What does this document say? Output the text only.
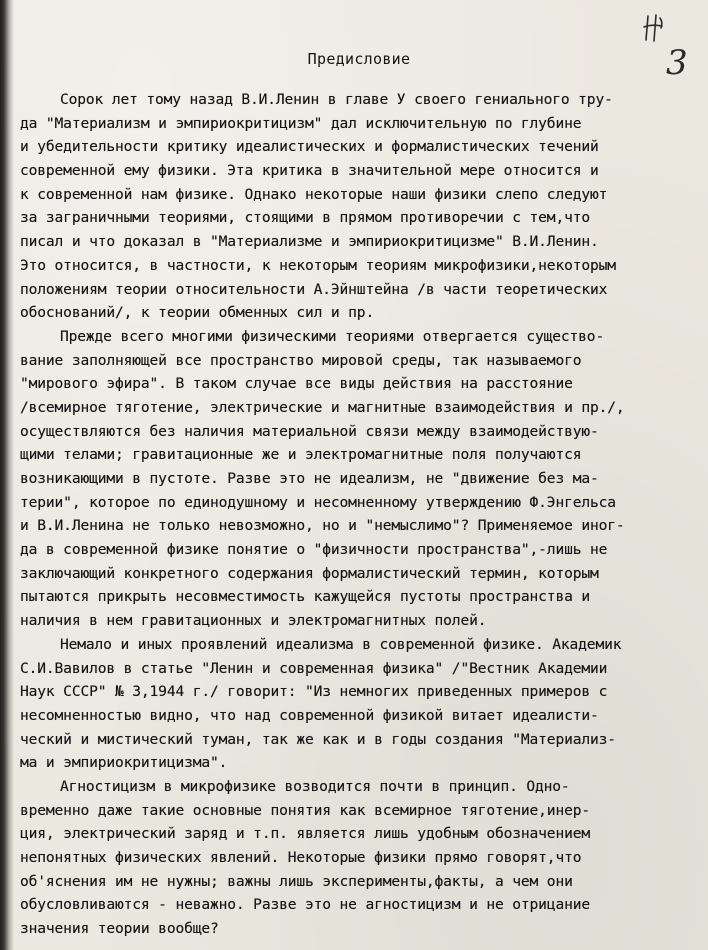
3
Предисловие
Сорок лет тому назад В.И.Ленин в главе У своего гениального тру-
да "Материализм и эмпириокритицизм" дал исключительную по глубине
и убедительности критику идеалистических и формалистических течений
современной ему физики. Эта критика в значительной мере относится и
к современной нам физике. Однако некоторые наши физики слепо следуют
за заграничными теориями, стоящими в прямом противоречии с тем,что
писал и что доказал в "Материализме и эмпириокритицизме" В.И.Ленин.
Это относится, в частности, к некоторым теориям микрофизики,некоторым
положениям теории относительности А.Эйнштейна /в части теоретических
обоснований/, к теории обменных сил и пр.
Прежде всего многими физическими теориями отвергается существо-
вание заполняющей все пространство мировой среды, так называемого
"мирового эфира". В таком случае все виды действия на расстояние
/всемирное тяготение, электрические и магнитные взаимодействия и пр./,
осуществляются без наличия материальной связи между взаимодействую-
щими телами; гравитационные же и электромагнитные поля получаются
возникающими в пустоте. Разве это не идеализм, не "движение без ма-
терии", которое по единодушному и несомненному утверждению Ф.Энгельса
и В.И.Ленина не только невозможно, но и "немыслимо"? Применяемое иног-
да в современной физике понятие о "физичности пространства",-лишь не
заключающий конкретного содержания формалистический термин, которым
пытаются прикрыть несовместимость кажущейся пустоты пространства и
наличия в нем гравитационных и электромагнитных полей.
Немало и иных проявлений идеализма в современной физике. Академик
С.И.Вавилов в статье "Ленин и современная физика" /"Вестник Академии
Наук СССР" № 3,1944 г./ говорит: "Из немногих приведенных примеров с
несомненностью видно, что над современной физикой витает идеалисти-
ческий и мистический туман, так же как и в годы создания "Материализ-
ма и эмпириокритицизма".
Агностицизм в микрофизике возводится почти в принцип. Одно-
временно даже такие основные понятия как всемирное тяготение,инер-
ция, электрический заряд и т.п. является лишь удобным обозначением
непонятных физических явлений. Некоторые физики прямо говорят,что
об'яснения им не нужны; важны лишь эксперименты,факты, а чем они
обусловливаются - неважно. Разве это не агностицизм и не отрицание
значения теории вообще?
